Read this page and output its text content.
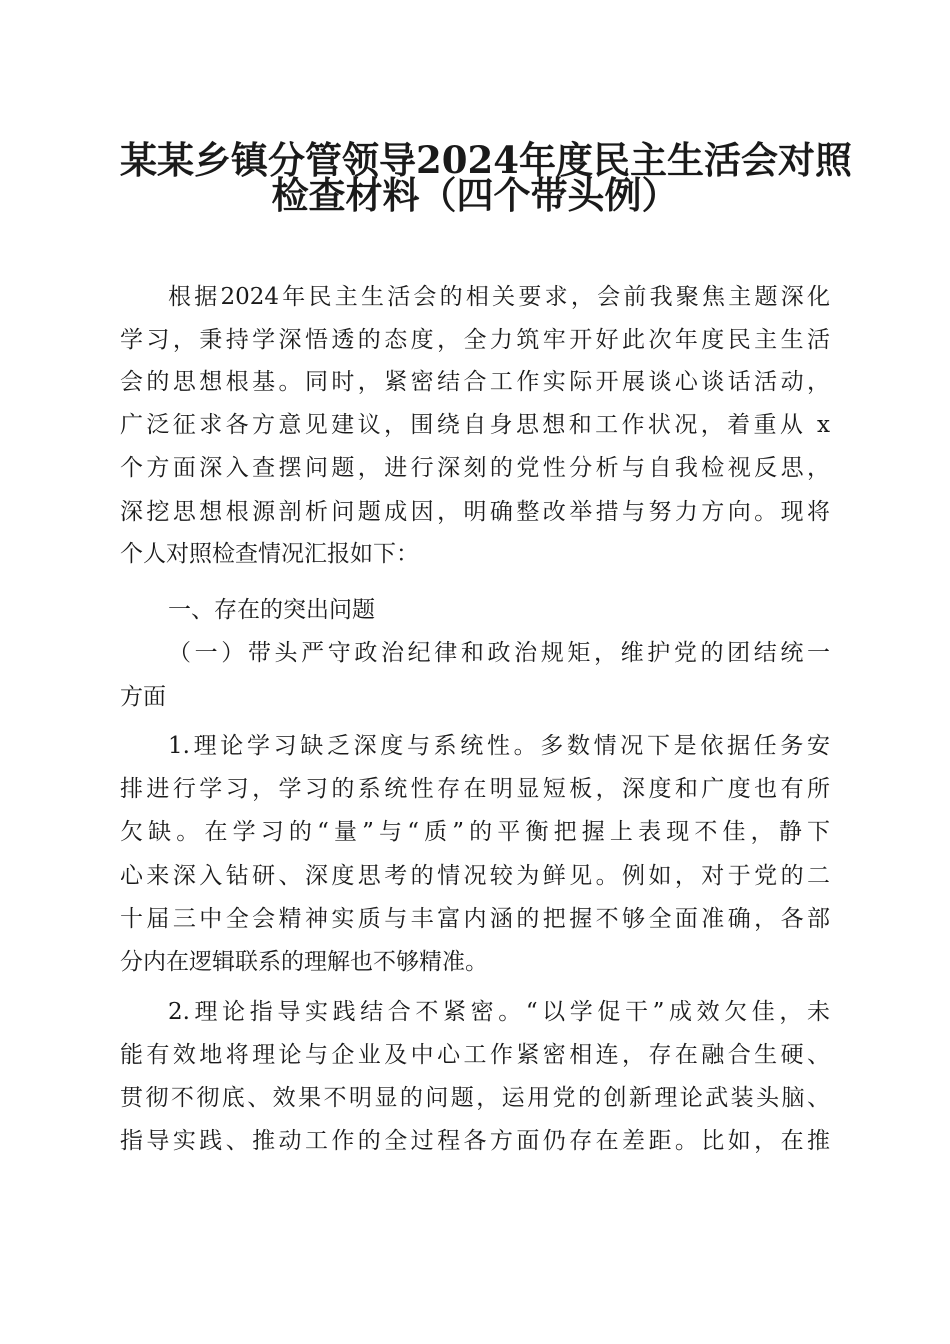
某某乡镇分管领导2024年度民主生活会对照
检查材料（四个带头例）
根据2024年民主生活会的相关要求，会前我聚焦主题深化
学习，秉持学深悟透的态度，全力筑牢开好此次年度民主生活
会的思想根基。同时，紧密结合工作实际开展谈心谈话活动，
广泛征求各方意见建议，围绕自身思想和工作状况，着重从 x
个方面深入查摆问题，进行深刻的党性分析与自我检视反思，
深挖思想根源剖析问题成因，明确整改举措与努力方向。现将
个人对照检查情况汇报如下：
一、存在的突出问题
（一）带头严守政治纪律和政治规矩，维护党的团结统一
方面
1.理论学习缺乏深度与系统性。多数情况下是依据任务安
排进行学习，学习的系统性存在明显短板，深度和广度也有所
欠缺。在学习的“量”与“质”的平衡把握上表现不佳，静下
心来深入钻研、深度思考的情况较为鲜见。例如，对于党的二
十届三中全会精神实质与丰富内涵的把握不够全面准确，各部
分内在逻辑联系的理解也不够精准。
2.理论指导实践结合不紧密。“以学促干”成效欠佳，未
能有效地将理论与企业及中心工作紧密相连，存在融合生硬、
贯彻不彻底、效果不明显的问题，运用党的创新理论武装头脑、
指导实践、推动工作的全过程各方面仍存在差距。比如，在推
